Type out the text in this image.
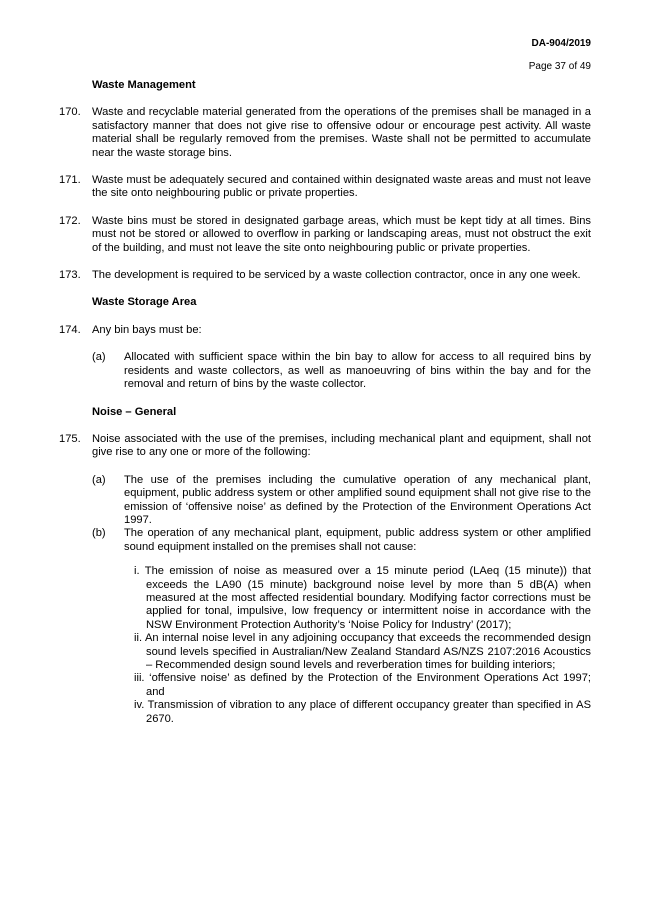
DA-904/2019
Page 37 of 49

Waste Management

170. Waste and recyclable material generated from the operations of the premises shall be managed in a satisfactory manner that does not give rise to offensive odour or encourage pest activity. All waste material shall be regularly removed from the premises. Waste shall not be permitted to accumulate near the waste storage bins.
171. Waste must be adequately secured and contained within designated waste areas and must not leave the site onto neighbouring public or private properties.
172. Waste bins must be stored in designated garbage areas, which must be kept tidy at all times. Bins must not be stored or allowed to overflow in parking or landscaping areas, must not obstruct the exit of the building, and must not leave the site onto neighbouring public or private properties.
173. The development is required to be serviced by a waste collection contractor, once in any one week.

Waste Storage Area

174. Any bin bays must be:
(a) Allocated with sufficient space within the bin bay to allow for access to all required bins by residents and waste collectors, as well as manoeuvring of bins within the bay and for the removal and return of bins by the waste collector.

Noise – General

175. Noise associated with the use of the premises, including mechanical plant and equipment, shall not give rise to any one or more of the following:
(a) The use of the premises including the cumulative operation of any mechanical plant, equipment, public address system or other amplified sound equipment shall not give rise to the emission of ‘offensive noise’ as defined by the Protection of the Environment Operations Act 1997.
(b) The operation of any mechanical plant, equipment, public address system or other amplified sound equipment installed on the premises shall not cause:

i. The emission of noise as measured over a 15 minute period (LAeq (15 minute)) that exceeds the LA90 (15 minute) background noise level by more than 5 dB(A) when measured at the most affected residential boundary. Modifying factor corrections must be applied for tonal, impulsive, low frequency or intermittent noise in accordance with the NSW Environment Protection Authority’s ‘Noise Policy for Industry’ (2017);

ii. An internal noise level in any adjoining occupancy that exceeds the recommended design sound levels specified in Australian/New Zealand Standard AS/NZS 2107:2016 Acoustics – Recommended design sound levels and reverberation times for building interiors;

iii. ‘offensive noise’ as defined by the Protection of the Environment Operations Act 1997; and

iv. Transmission of vibration to any place of different occupancy greater than specified in AS 2670.
